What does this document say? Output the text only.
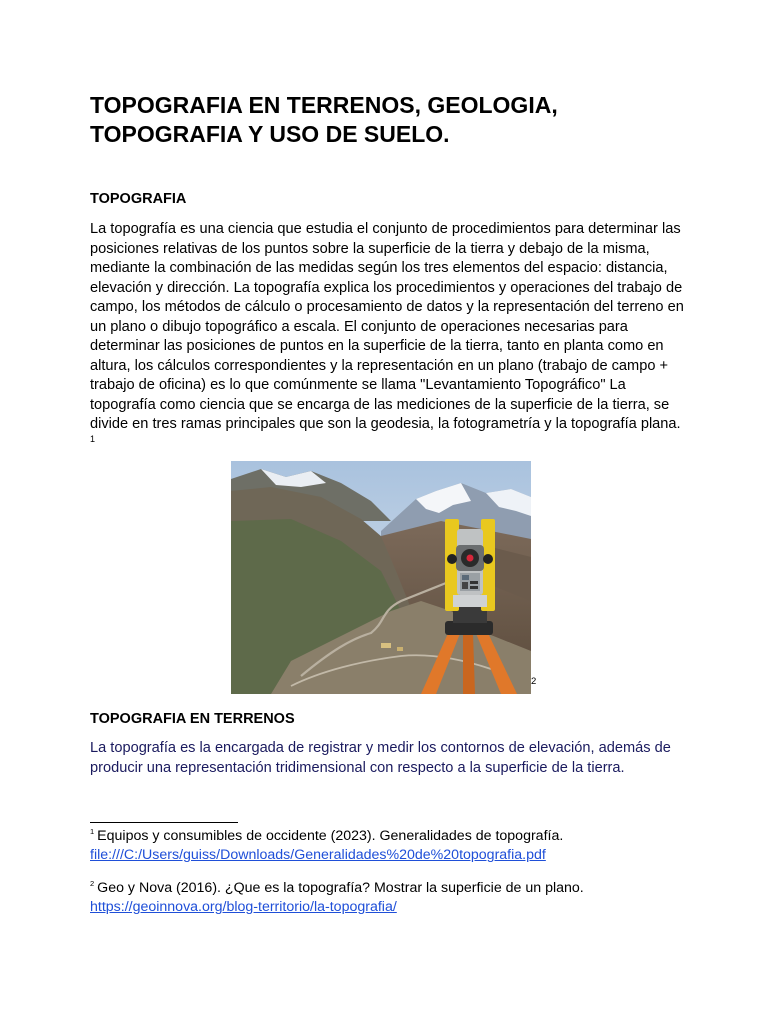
TOPOGRAFIA EN TERRENOS, GEOLOGIA,
TOPOGRAFIA Y USO DE SUELO.
TOPOGRAFIA

La topografía es una ciencia que estudia el conjunto de procedimientos para determinar las posiciones relativas de los puntos sobre la superficie de la tierra y debajo de la misma, mediante la combinación de las medidas según los tres elementos del espacio: distancia, elevación y dirección. La topografía explica los procedimientos y operaciones del trabajo de campo, los métodos de cálculo o procesamiento de datos y la representación del terreno en un plano o dibujo topográfico a escala. El conjunto de operaciones necesarias para determinar las posiciones de puntos en la superficie de la tierra, tanto en planta como en altura, los cálculos correspondientes y la representación en un plano (trabajo de campo + trabajo de oficina) es lo que comúnmente se llama "Levantamiento Topográfico" La topografía como ciencia que se encarga de las mediciones de la superficie de la tierra, se divide en tres ramas principales que son la geodesia, la fotogrametría y la topografía plana. $^1$

2
TOPOGRAFIA EN TERRENOS

La topografía es la encargada de registrar y medir los contornos de elevación, además de producir una representación tridimensional con respecto a la superficie de la tierra.

$^1$ Equipos y consumibles de occidente (2023). Generalidades de topografía.
file:///C:/Users/guiss/Downloads/Generalidades%20de%20topografia.pdf
$^2$ Geo y Nova (2016). ¿Que es la topografía? Mostrar la superficie de un plano.
https://geoinnova.org/blog-territorio/la-topografia/
